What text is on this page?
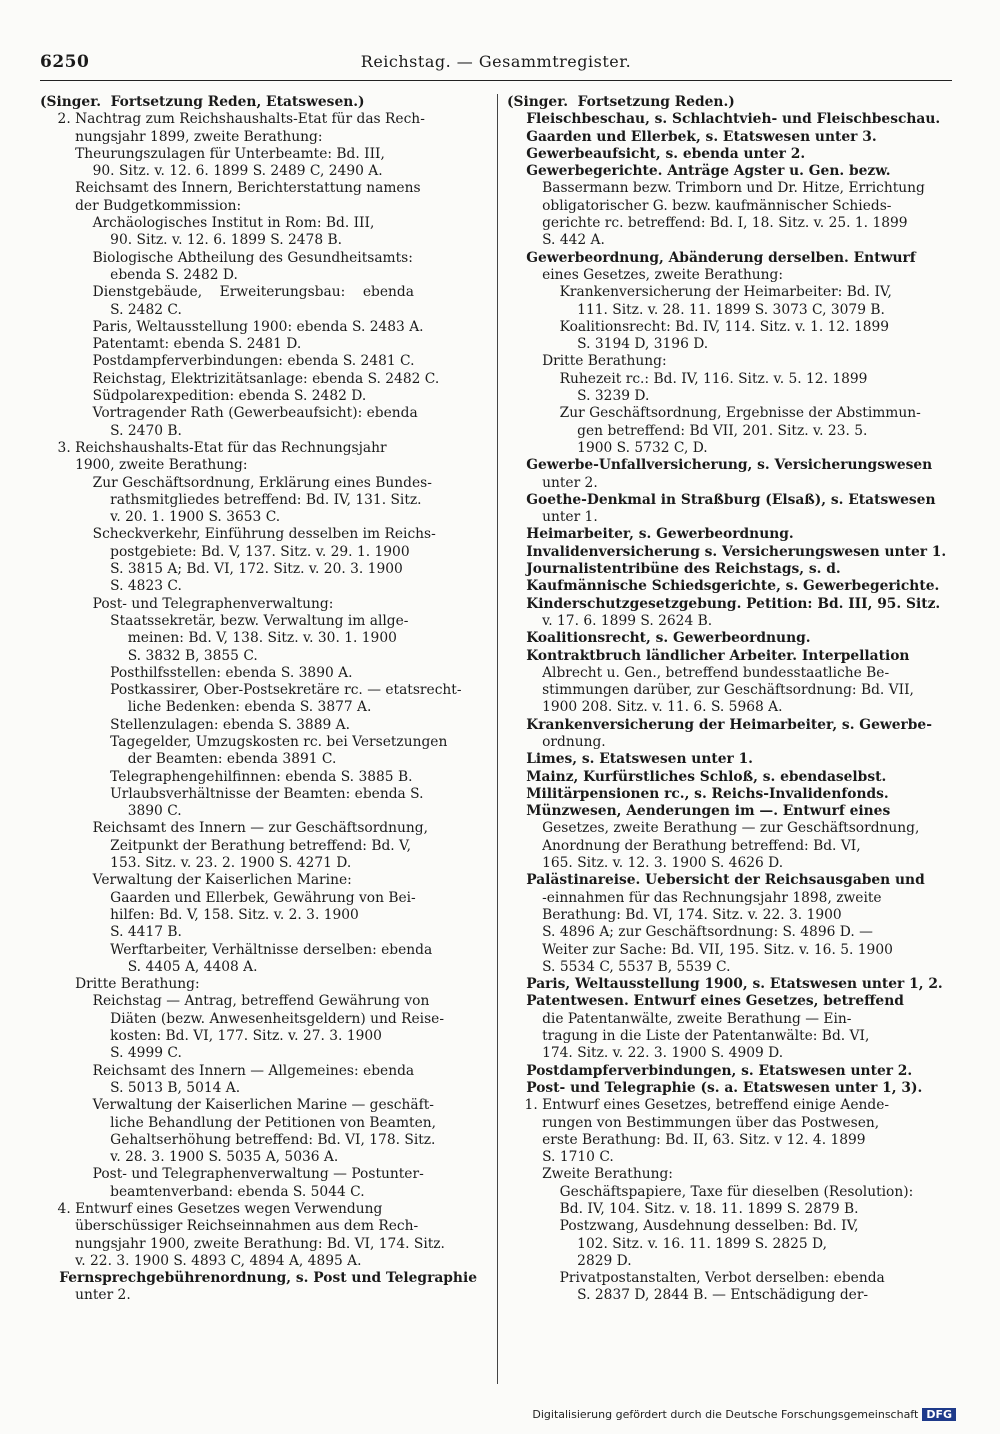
6250	Reichstag. — Gesammtregister.
(Singer.  Fortsetzung Reden, Etatswesen.)
2. Nachtrag zum Reichshaushalts-Etat für das Rech-
nungsjahr 1899, zweite Berathung:
Theurungszulagen für Unterbeamte: Bd. III,
90. Sitz. v. 12. 6. 1899 S. 2489 C, 2490 A.
Reichsamt des Innern, Berichterstattung namens
der Budgetkommission:
Archäologisches Institut in Rom: Bd. III,
90. Sitz. v. 12. 6. 1899 S. 2478 B.
Biologische Abtheilung des Gesundheitsamts:
ebenda S. 2482 D.
Dienstgebäude,    Erweiterungsbau:    ebenda
S. 2482 C.
Paris, Weltausstellung 1900: ebenda S. 2483 A.
Patentamt: ebenda S. 2481 D.
Postdampferverbindungen: ebenda S. 2481 C.
Reichstag, Elektrizitätsanlage: ebenda S. 2482 C.
Südpolarexpedition: ebenda S. 2482 D.
Vortragender Rath (Gewerbeaufsicht): ebenda
S. 2470 B.
3. Reichshaushalts-Etat für das Rechnungsjahr
1900, zweite Berathung:
Zur Geschäftsordnung, Erklärung eines Bundes-
rathsmitgliedes betreffend: Bd. IV, 131. Sitz.
v. 20. 1. 1900 S. 3653 C.
Scheckverkehr, Einführung desselben im Reichs-
postgebiete: Bd. V, 137. Sitz. v. 29. 1. 1900
S. 3815 A; Bd. VI, 172. Sitz. v. 20. 3. 1900
S. 4823 C.
Post- und Telegraphenverwaltung:
Staatssekretär, bezw. Verwaltung im allge-
meinen: Bd. V, 138. Sitz. v. 30. 1. 1900
S. 3832 B, 3855 C.
Posthilfsstellen: ebenda S. 3890 A.
Postkassirer, Ober-Postsekretäre rc. — etatsrecht-
liche Bedenken: ebenda S. 3877 A.
Stellenzulagen: ebenda S. 3889 A.
Tagegelder, Umzugskosten rc. bei Versetzungen
der Beamten: ebenda 3891 C.
Telegraphengehilfinnen: ebenda S. 3885 B.
Urlaubsverhältnisse der Beamten: ebenda S.
3890 C.
Reichsamt des Innern — zur Geschäftsordnung,
Zeitpunkt der Berathung betreffend: Bd. V,
153. Sitz. v. 23. 2. 1900 S. 4271 D.
Verwaltung der Kaiserlichen Marine:
Gaarden und Ellerbek, Gewährung von Bei-
hilfen: Bd. V, 158. Sitz. v. 2. 3. 1900
S. 4417 B.
Werftarbeiter, Verhältnisse derselben: ebenda
S. 4405 A, 4408 A.
Dritte Berathung:
Reichstag — Antrag, betreffend Gewährung von
Diäten (bezw. Anwesenheitsgeldern) und Reise-
kosten: Bd. VI, 177. Sitz. v. 27. 3. 1900
S. 4999 C.
Reichsamt des Innern — Allgemeines: ebenda
S. 5013 B, 5014 A.
Verwaltung der Kaiserlichen Marine — geschäft-
liche Behandlung der Petitionen von Beamten,
Gehaltserhöhung betreffend: Bd. VI, 178. Sitz.
v. 28. 3. 1900 S. 5035 A, 5036 A.
Post- und Telegraphenverwaltung — Postunter-
beamtenverband: ebenda S. 5044 C.
4. Entwurf eines Gesetzes wegen Verwendung
überschüssiger Reichseinnahmen aus dem Rech-
nungsjahr 1900, zweite Berathung: Bd. VI, 174. Sitz.
v. 22. 3. 1900 S. 4893 C, 4894 A, 4895 A.
Fernsprechgebührenordnung, s. Post und Telegraphie
unter 2.
(Singer.  Fortsetzung Reden.)
Fleischbeschau, s. Schlachtvieh- und Fleischbeschau.
Gaarden und Ellerbek, s. Etatswesen unter 3.
Gewerbeaufsicht, s. ebenda unter 2.
Gewerbegerichte. Anträge Agster u. Gen. bezw.
Bassermann bezw. Trimborn und Dr. Hitze, Errichtung
obligatorischer G. bezw. kaufmännischer Schieds-
gerichte rc. betreffend: Bd. I, 18. Sitz. v. 25. 1. 1899
S. 442 A.
Gewerbeordnung, Abänderung derselben. Entwurf
eines Gesetzes, zweite Berathung:
Krankenversicherung der Heimarbeiter: Bd. IV,
111. Sitz. v. 28. 11. 1899 S. 3073 C, 3079 B.
Koalitionsrecht: Bd. IV, 114. Sitz. v. 1. 12. 1899
S. 3194 D, 3196 D.
Dritte Berathung:
Ruhezeit rc.: Bd. IV, 116. Sitz. v. 5. 12. 1899
S. 3239 D.
Zur Geschäftsordnung, Ergebnisse der Abstimmun-
gen betreffend: Bd VII, 201. Sitz. v. 23. 5.
1900 S. 5732 C, D.
Gewerbe-Unfallversicherung, s. Versicherungswesen
unter 2.
Goethe-Denkmal in Straßburg (Elsaß), s. Etatswesen
unter 1.
Heimarbeiter, s. Gewerbeordnung.
Invalidenversicherung s. Versicherungswesen unter 1.
Journalistentribüne des Reichstags, s. d.
Kaufmännische Schiedsgerichte, s. Gewerbegerichte.
Kinderschutzgesetzgebung. Petition: Bd. III, 95. Sitz.
v. 17. 6. 1899 S. 2624 B.
Koalitionsrecht, s. Gewerbeordnung.
Kontraktbruch ländlicher Arbeiter. Interpellation
Albrecht u. Gen., betreffend bundesstaatliche Be-
stimmungen darüber, zur Geschäftsordnung: Bd. VII,
1900 208. Sitz. v. 11. 6. S. 5968 A.
Krankenversicherung der Heimarbeiter, s. Gewerbe-
ordnung.
Limes, s. Etatswesen unter 1.
Mainz, Kurfürstliches Schloß, s. ebendaselbst.
Militärpensionen rc., s. Reichs-Invalidenfonds.
Münzwesen, Aenderungen im —. Entwurf eines
Gesetzes, zweite Berathung — zur Geschäftsordnung,
Anordnung der Berathung betreffend: Bd. VI,
165. Sitz. v. 12. 3. 1900 S. 4626 D.
Palästinareise. Uebersicht der Reichsausgaben und
-einnahmen für das Rechnungsjahr 1898, zweite
Berathung: Bd. VI, 174. Sitz. v. 22. 3. 1900
S. 4896 A; zur Geschäftsordnung: S. 4896 D. —
Weiter zur Sache: Bd. VII, 195. Sitz. v. 16. 5. 1900
S. 5534 C, 5537 B, 5539 C.
Paris, Weltausstellung 1900, s. Etatswesen unter 1, 2.
Patentwesen. Entwurf eines Gesetzes, betreffend
die Patentanwälte, zweite Berathung — Ein-
tragung in die Liste der Patentanwälte: Bd. VI,
174. Sitz. v. 22. 3. 1900 S. 4909 D.
Postdampferverbindungen, s. Etatswesen unter 2.
Post- und Telegraphie (s. a. Etatswesen unter 1, 3).
1. Entwurf eines Gesetzes, betreffend einige Aende-
rungen von Bestimmungen über das Postwesen,
erste Berathung: Bd. II, 63. Sitz. v 12. 4. 1899
S. 1710 C.
Zweite Berathung:
Geschäftspapiere, Taxe für dieselben (Resolution):
Bd. IV, 104. Sitz. v. 18. 11. 1899 S. 2879 B.
Postzwang, Ausdehnung desselben: Bd. IV,
102. Sitz. v. 16. 11. 1899 S. 2825 D,
2829 D.
Privatpostanstalten, Verbot derselben: ebenda
S. 2837 D, 2844 B. — Entschädigung der-
Digitalisierung gefördert durch die Deutsche Forschungsgemeinschaft DFG
